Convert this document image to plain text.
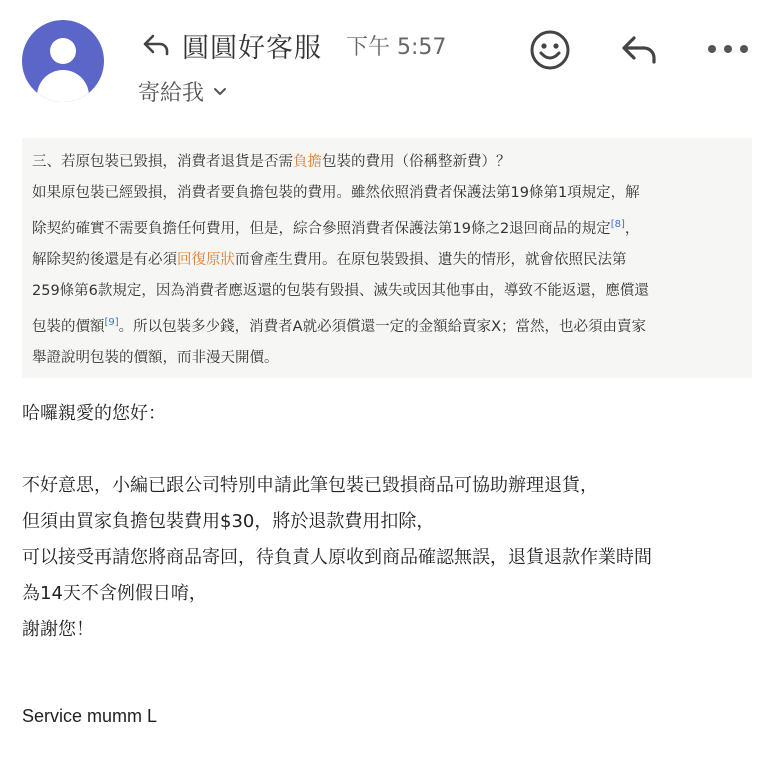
圓圓好客服 下午 5:57
寄給我
三、若原包裝已毀損，消費者退貨是否需負擔包裝的費用（俗稱整新費）？
如果原包裝已經毀損，消費者要負擔包裝的費用。雖然依照消費者保護法第19條第1項規定，解
除契約確實不需要負擔任何費用，但是，綜合參照消費者保護法第19條之2退回商品的規定[8]，
解除契約後還是有必須回復原狀而會產生費用。在原包裝毀損、遺失的情形，就會依照民法第
259條第6款規定，因為消費者應返還的包裝有毀損、滅失或因其他事由，導致不能返還，應償還
包裝的價額[9]。所以包裝多少錢，消費者A就必須償還一定的金額給賣家X；當然，也必須由賣家
舉證說明包裝的價額，而非漫天開價。
哈囉親愛的您好：
不好意思，小編已跟公司特別申請此筆包裝已毀損商品可協助辦理退貨，
但須由買家負擔包裝費用$30，將於退款費用扣除，
可以接受再請您將商品寄回，待負責人原收到商品確認無誤，退貨退款作業時間
為14天不含例假日唷，
謝謝您！
Service mumm L
